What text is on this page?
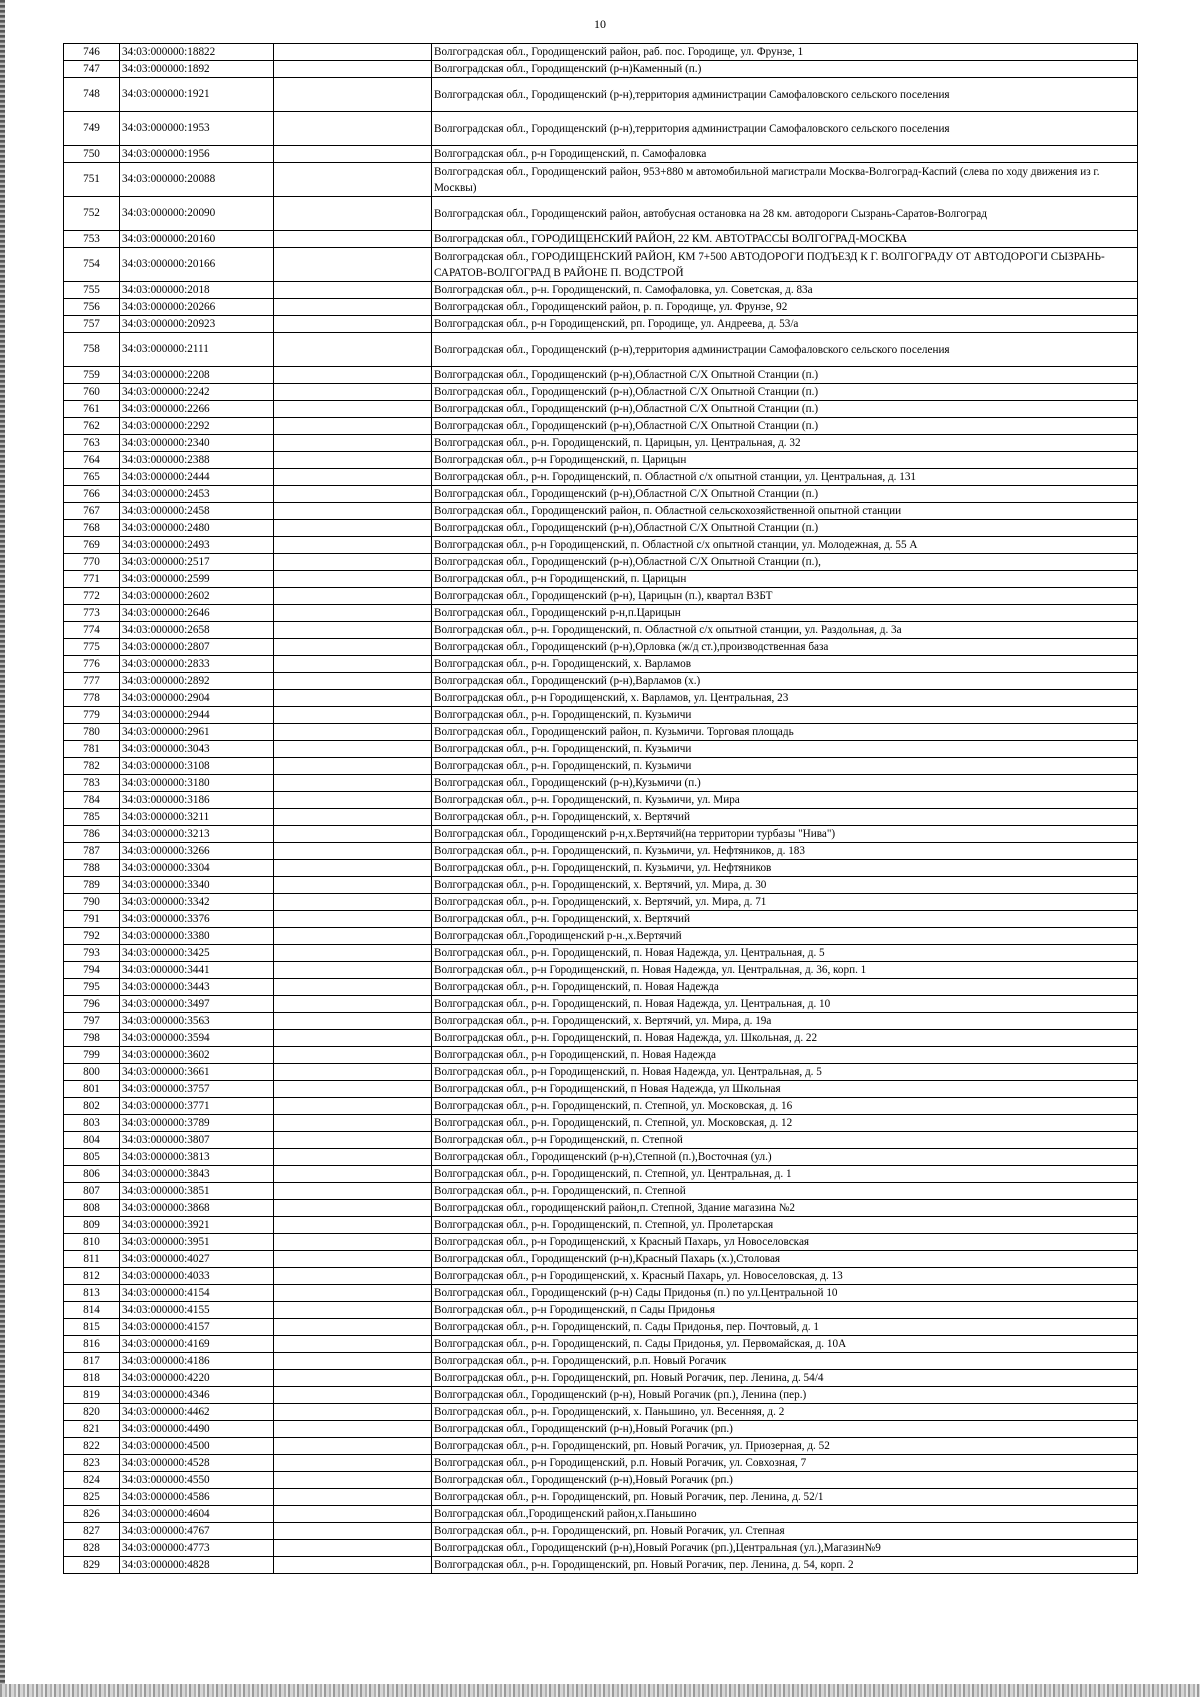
10
746	34:03:000000:18822		Волгоградская обл., Городищенский район, раб. пос. Городище, ул. Фрунзе, 1
747	34:03:000000:1892		Волгоградская обл., Городищенский (р-н)Каменный (п.)
748	34:03:000000:1921		Волгоградская обл., Городищенский (р-н),территория администрации Самофаловского сельского поселения
749	34:03:000000:1953		Волгоградская обл., Городищенский (р-н),территория администрации Самофаловского сельского поселения
750	34:03:000000:1956		Волгоградская обл., р-н Городищенский, п. Самофаловка
751	34:03:000000:20088		Волгоградская обл., Городищенский район, 953+880 м автомобильной магистрали Москва-Волгоград-Каспий (слева по ходу движения из г. Москвы)
752	34:03:000000:20090		Волгоградская обл., Городищенский район, автобусная остановка на 28 км. автодороги Сызрань-Саратов-Волгоград
753	34:03:000000:20160		Волгоградская обл., ГОРОДИЩЕНСКИЙ РАЙОН, 22 КМ. АВТОТРАССЫ ВОЛГОГРАД-МОСКВА
754	34:03:000000:20166		Волгоградская обл., ГОРОДИЩЕНСКИЙ РАЙОН, КМ 7+500 АВТОДОРОГИ ПОДЪЕЗД К Г. ВОЛГОГРАДУ ОТ АВТОДОРОГИ СЫЗРАНЬ-САРАТОВ-ВОЛГОГРАД В РАЙОНЕ П. ВОДСТРОЙ
755	34:03:000000:2018		Волгоградская обл., р-н. Городищенский, п. Самофаловка, ул. Советская, д. 83а
756	34:03:000000:20266		Волгоградская обл., Городищенский район, р. п. Городище, ул. Фрунзе, 92
757	34:03:000000:20923		Волгоградская обл., р-н Городищенский, рп. Городище, ул. Андреева, д. 53/а
758	34:03:000000:2111		Волгоградская обл., Городищенский (р-н),территория администрации Самофаловского сельского поселения
759	34:03:000000:2208		Волгоградская обл., Городищенский (р-н),Областной С/Х Опытной Станции (п.)
760	34:03:000000:2242		Волгоградская обл., Городищенский (р-н),Областной С/Х Опытной Станции (п.)
761	34:03:000000:2266		Волгоградская обл., Городищенский (р-н),Областной С/Х Опытной Станции (п.)
762	34:03:000000:2292		Волгоградская обл., Городищенский (р-н),Областной С/Х Опытной Станции (п.)
763	34:03:000000:2340		Волгоградская обл., р-н. Городищенский, п. Царицын, ул. Центральная, д. 32
764	34:03:000000:2388		Волгоградская обл., р-н Городищенский, п. Царицын
765	34:03:000000:2444		Волгоградская обл., р-н. Городищенский, п. Областной с/х опытной станции, ул. Центральная, д. 131
766	34:03:000000:2453		Волгоградская обл., Городищенский (р-н),Областной С/Х Опытной Станции (п.)
767	34:03:000000:2458		Волгоградская обл., Городищенский район, п. Областной сельскохозяйственной опытной станции
768	34:03:000000:2480		Волгоградская обл., Городищенский (р-н),Областной С/Х Опытной Станции (п.)
769	34:03:000000:2493		Волгоградская обл., р-н Городищенский, п. Областной с/х опытной станции, ул. Молодежная, д. 55 А
770	34:03:000000:2517		Волгоградская обл., Городищенский (р-н),Областной С/Х Опытной Станции (п.),
771	34:03:000000:2599		Волгоградская обл., р-н Городищенский, п. Царицын
772	34:03:000000:2602		Волгоградская обл., Городищенский (р-н), Царицын (п.), квартал ВЗБТ
773	34:03:000000:2646		Волгоградская обл., Городищенский р-н,п.Царицын
774	34:03:000000:2658		Волгоградская обл., р-н. Городищенский, п. Областной с/х опытной станции, ул. Раздольная, д. 3а
775	34:03:000000:2807		Волгоградская обл., Городищенский (р-н),Орловка (ж/д ст.),производственная база
776	34:03:000000:2833		Волгоградская обл., р-н. Городищенский, х. Варламов
777	34:03:000000:2892		Волгоградская обл., Городищенский (р-н),Варламов (х.)
778	34:03:000000:2904		Волгоградская обл., р-н Городищенский, х. Варламов, ул. Центральная, 23
779	34:03:000000:2944		Волгоградская обл., р-н. Городищенский, п. Кузьмичи
780	34:03:000000:2961		Волгоградская обл., Городищенский район, п. Кузьмичи. Торговая площадь
781	34:03:000000:3043		Волгоградская обл., р-н. Городищенский, п. Кузьмичи
782	34:03:000000:3108		Волгоградская обл., р-н. Городищенский, п. Кузьмичи
783	34:03:000000:3180		Волгоградская обл., Городищенский (р-н),Кузьмичи (п.)
784	34:03:000000:3186		Волгоградская обл., р-н. Городищенский, п. Кузьмичи, ул. Мира
785	34:03:000000:3211		Волгоградская обл., р-н. Городищенский, х. Вертячий
786	34:03:000000:3213		Волгоградская обл., Городищенский р-н,х.Вертячий(на территории турбазы "Нива")
787	34:03:000000:3266		Волгоградская обл., р-н. Городищенский, п. Кузьмичи, ул. Нефтяников, д. 183
788	34:03:000000:3304		Волгоградская обл., р-н. Городищенский, п. Кузьмичи, ул. Нефтяников
789	34:03:000000:3340		Волгоградская обл., р-н. Городищенский, х. Вертячий, ул. Мира, д. 30
790	34:03:000000:3342		Волгоградская обл., р-н. Городищенский, х. Вертячий, ул. Мира, д. 71
791	34:03:000000:3376		Волгоградская обл., р-н. Городищенский, х. Вертячий
792	34:03:000000:3380		Волгоградская обл.,Городищенский р-н.,х.Вертячий
793	34:03:000000:3425		Волгоградская обл., р-н. Городищенский, п. Новая Надежда, ул. Центральная, д. 5
794	34:03:000000:3441		Волгоградская обл., р-н Городищенский, п. Новая Надежда, ул. Центральная, д. 36, корп. 1
795	34:03:000000:3443		Волгоградская обл., р-н. Городищенский, п. Новая Надежда
796	34:03:000000:3497		Волгоградская обл., р-н. Городищенский, п. Новая Надежда, ул. Центральная, д. 10
797	34:03:000000:3563		Волгоградская обл., р-н. Городищенский, х. Вертячий, ул. Мира, д. 19а
798	34:03:000000:3594		Волгоградская обл., р-н. Городищенский, п. Новая Надежда, ул. Школьная, д. 22
799	34:03:000000:3602		Волгоградская обл., р-н Городищенский, п. Новая Надежда
800	34:03:000000:3661		Волгоградская обл., р-н Городищенский, п. Новая Надежда, ул. Центральная, д. 5
801	34:03:000000:3757		Волгоградская обл., р-н Городищенский, п Новая Надежда, ул Школьная
802	34:03:000000:3771		Волгоградская обл., р-н. Городищенский, п. Степной, ул. Московская, д. 16
803	34:03:000000:3789		Волгоградская обл., р-н. Городищенский, п. Степной, ул. Московская, д. 12
804	34:03:000000:3807		Волгоградская обл., р-н Городищенский, п. Степной
805	34:03:000000:3813		Волгоградская обл., Городищенский (р-н),Степной (п.),Восточная (ул.)
806	34:03:000000:3843		Волгоградская обл., р-н. Городищенский, п. Степной, ул. Центральная, д. 1
807	34:03:000000:3851		Волгоградская обл., р-н. Городищенский, п. Степной
808	34:03:000000:3868		Волгоградская обл., городищенский район,п. Степной, Здание магазина №2
809	34:03:000000:3921		Волгоградская обл., р-н. Городищенский, п. Степной, ул. Пролетарская
810	34:03:000000:3951		Волгоградская обл., р-н Городищенский, х Красный Пахарь, ул Новоселовская
811	34:03:000000:4027		Волгоградская обл., Городищенский (р-н),Красный Пахарь (х.),Столовая
812	34:03:000000:4033		Волгоградская обл., р-н Городищенский, х. Красный Пахарь, ул. Новоселовская, д. 13
813	34:03:000000:4154		Волгоградская обл., Городищенский (р-н) Сады Придонья (п.) по ул.Центральной 10
814	34:03:000000:4155		Волгоградская обл., р-н Городищенский, п Сады Придонья
815	34:03:000000:4157		Волгоградская обл., р-н. Городищенский, п. Сады Придонья, пер. Почтовый, д. 1
816	34:03:000000:4169		Волгоградская обл., р-н. Городищенский, п. Сады Придонья, ул. Первомайская, д. 10А
817	34:03:000000:4186		Волгоградская обл., р-н. Городищенский, р.п. Новый Рогачик
818	34:03:000000:4220		Волгоградская обл., р-н. Городищенский, рп. Новый Рогачик, пер. Ленина, д. 54/4
819	34:03:000000:4346		Волгоградская обл., Городищенский (р-н), Новый Рогачик (рп.), Ленина (пер.)
820	34:03:000000:4462		Волгоградская обл., р-н. Городищенский, х. Паньшино, ул. Весенняя, д. 2
821	34:03:000000:4490		Волгоградская обл., Городищенский (р-н),Новый Рогачик (рп.)
822	34:03:000000:4500		Волгоградская обл., р-н. Городищенский, рп. Новый Рогачик, ул. Приозерная, д. 52
823	34:03:000000:4528		Волгоградская обл., р-н Городищенский, р.п. Новый Рогачик, ул. Совхозная, 7
824	34:03:000000:4550		Волгоградская обл., Городищенский (р-н),Новый Рогачик (рп.)
825	34:03:000000:4586		Волгоградская обл., р-н. Городищенский, рп. Новый Рогачик, пер. Ленина, д. 52/1
826	34:03:000000:4604		Волгоградская обл.,Городищенский район,х.Паньшино
827	34:03:000000:4767		Волгоградская обл., р-н. Городищенский, рп. Новый Рогачик, ул. Степная
828	34:03:000000:4773		Волгоградская обл., Городищенский (р-н),Новый Рогачик (рп.),Центральная (ул.),Магазин№9
829	34:03:000000:4828		Волгоградская обл., р-н. Городищенский, рп. Новый Рогачик, пер. Ленина, д. 54, корп. 2
